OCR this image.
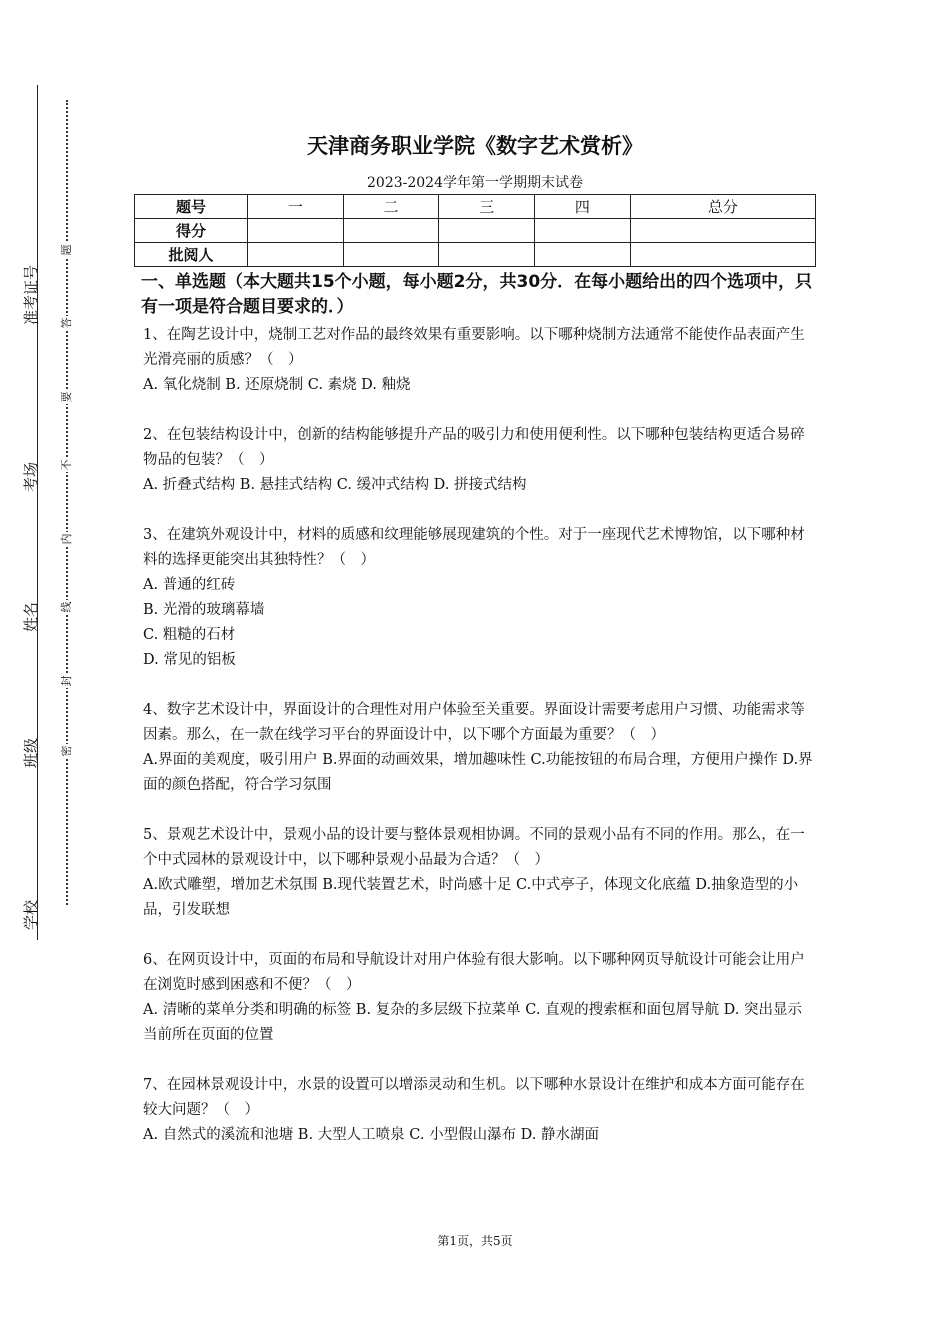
准考证号
考场
姓名
班级
学校
题
答
要
不
内
线
封
密
天津商务职业学院《数字艺术赏析》
2023-2024学年第一学期期末试卷
题号	一	二	三	四	总分
得分					
批阅人					
一、单选题（本大题共15个小题，每小题2分，共30分．在每小题给出的四个选项中，只有一项是符合题目要求的．）

1、在陶艺设计中，烧制工艺对作品的最终效果有重要影响。以下哪种烧制方法通常不能使作品表面产生光滑亮丽的质感？（　）

A. 氧化烧制 B. 还原烧制 C. 素烧 D. 釉烧

2、在包装结构设计中，创新的结构能够提升产品的吸引力和使用便利性。以下哪种包装结构更适合易碎物品的包装？（　）

A. 折叠式结构 B. 悬挂式结构 C. 缓冲式结构 D. 拼接式结构

3、在建筑外观设计中，材料的质感和纹理能够展现建筑的个性。对于一座现代艺术博物馆，以下哪种材料的选择更能突出其独特性？（　）

A. 普通的红砖

B. 光滑的玻璃幕墙

C. 粗糙的石材

D. 常见的铝板

4、数字艺术设计中，界面设计的合理性对用户体验至关重要。界面设计需要考虑用户习惯、功能需求等因素。那么，在一款在线学习平台的界面设计中，以下哪个方面最为重要？（　）

A.界面的美观度，吸引用户 B.界面的动画效果，增加趣味性 C.功能按钮的布局合理，方便用户操作 D.界面的颜色搭配，符合学习氛围

5、景观艺术设计中，景观小品的设计要与整体景观相协调。不同的景观小品有不同的作用。那么，在一个中式园林的景观设计中，以下哪种景观小品最为合适？（　）

A.欧式雕塑，增加艺术氛围 B.现代装置艺术，时尚感十足 C.中式亭子，体现文化底蕴 D.抽象造型的小品，引发联想

6、在网页设计中，页面的布局和导航设计对用户体验有很大影响。以下哪种网页导航设计可能会让用户在浏览时感到困惑和不便？（　）

A. 清晰的菜单分类和明确的标签 B. 复杂的多层级下拉菜单 C. 直观的搜索框和面包屑导航 D. 突出显示当前所在页面的位置

7、在园林景观设计中，水景的设置可以增添灵动和生机。以下哪种水景设计在维护和成本方面可能存在较大问题？（　）

A. 自然式的溪流和池塘 B. 大型人工喷泉 C. 小型假山瀑布 D. 静水湖面

第1页，共5页
